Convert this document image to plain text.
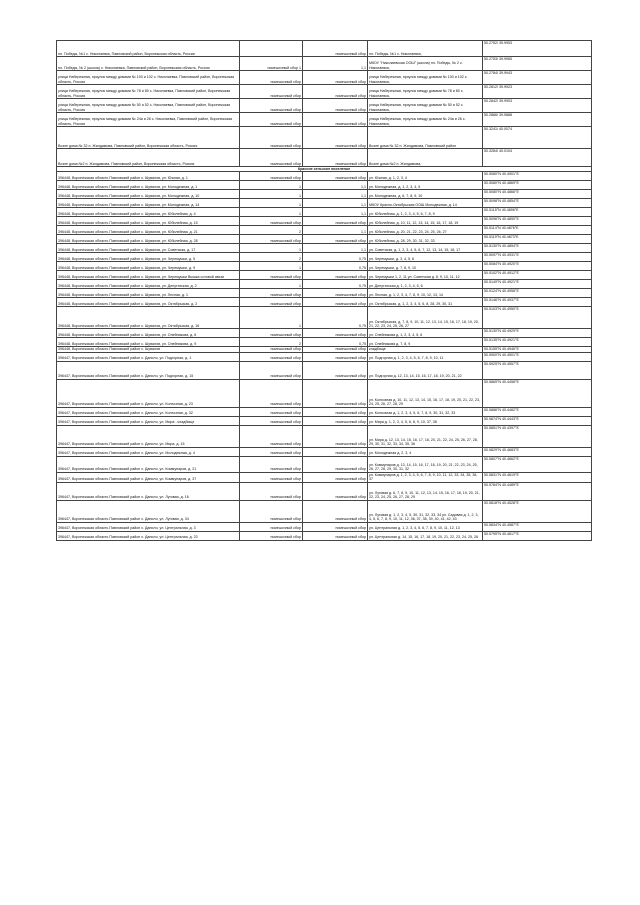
пл. Победы, №1 с. Николаевка, Павловский район, Воронежская область, Россия		помешочный сбор	пл. Победы, №1 с. Николаевка,	50.2752/ 39.9953
пл. Победы, № 2 (школа) с. Николаевка, Павловский район, Воронежская область, Россия	помешочный сбор 1	1,1	МКОУ "Николаевская ООШ" (школа) пл. Победы, № 2 с. Николаевка,	50.2753/ 39.9965
улица Набережная, проулок между домами № 100 и 102 с. Николаевка, Павловский район, Воронежская область, Россия	помешочный сбор	помешочный сбор	улица Набережная, проулок между домами № 100 и 102 с. Николаевка,	50.2784/ 39.9943
улица Набережная, проулок между домами № 78 и 80 с. Николаевка, Павловский район, Воронежская область, Россия	помешочный сбор	помешочный сбор	улица Набережная, проулок между домами № 78 и 80 с. Николаевка,	50.2812/ 39.9923
улица Набережная, проулок между домами № 50 и 52 с. Николаевка, Павловский район, Воронежская область, Россия	помешочный сбор	помешочный сбор	улица Набережная, проулок между домами № 50 и 52 с. Николаевка,	50.2842/ 39.9903
улица Набережная, проулок между домами № 24а и 26 с. Николаевка, Павловский район, Воронежская область, Россия	помешочный сбор	помешочный сбор	улица Набережная, проулок между домами № 24а и 26 с. Николаевка,	50.2866/ 39.9888
Возле дома № 32 п. Жилдамова, Павловский район, Воронежская область, Россия	помешочный сбор	помешочный сбор	Возле дома № 32 п. Жилдамова, Павловский район	50.3241/ 40.0074
Возле дома №2 п. Жилдамова, Павловский район, Воронежская область, Россия	помешочный сбор	помешочный сбор	Возле дома №2 п. Жилдамова,	50.3284/ 40.0104
Красное сельское поселение				
396448, Воронежская область Павловский район с. Шувалов, ул. Южная, д. 1	помешочный сбор	помешочный сбор	ул. Южная, д. 1, 2, 3, 4	50.5080°N 40.4901°E
396448, Воронежская область Павловский район с. Шувалов, ул. Молодежная, д. 1	1	1,1	ул. Молодежная, д. 1, 2, 3, 4, 5	50.5080°N 40.4869°E
396448, Воронежская область Павловский район с. Шувалов, ул. Молодежная, д. 10	1	1,1	ул. Молодежная, д. 6, 7, 8, 9, 10	50.5080°N 40.4866°E
396448, Воронежская область Павловский район с. Шувалов, ул. Молодежная, д. 14	1	1,1	МКОУ Красно-Октябрьская ООШ Молодежная, д. 14	50.5098°N 40.4854°E
396448, Воронежская область Павловский район с. Шувалов, ул. Юбилейная, д. 4	1	1,1	ул. Юбилейная, д. 1, 2, 3, 4, 5, 6, 7, 8, 9	50.5115°N 40.4896°E
396448, Воронежская область Павловский район с. Шувалов, ул. Юбилейная, д. 15	помешочный сбор	помешочный сбор	ул. Юбилейная, д. 10, 11, 12, 13, 14, 15, 16, 17, 18, 19	50.5096°N 40.4890°E
396448, Воронежская область Павловский район с. Шувалов, ул. Юбилейная, д. 21	2	1,1	ул. Юбилейная, д. 20, 21, 22, 23, 24, 25, 26, 27	50.5114°N 40.4876°E
396448, Воронежская область Павловский район с. Шувалов, ул. Юбилейная, д. 28	помешочный сбор	помешочный сбор	ул. Юбилейная, д. 28, 29, 30, 31, 32, 33	50.5119°N 40.4873°E
396448, Воронежская область Павловский район с. Шувалов, ул. Советская, д. 17	1	1,1	ул. Советская, д. 1, 2, 3, 4, 5, 6, 7, 12, 13, 14, 15, 16, 17	50.5130°N 40.4894°E
396448, Воронежская область Павловский район с. Шувалов, ул. Черемушки, д. 5	2	0,75	ул. Черемушки, д. 3, 4, 5, 6	50.5097°N 40.4931°E
396448, Воронежская область Павловский район с. Шувалов, ул. Черемушки, д. 9	1	0,75	ул. Черемушки, д. 7, 8, 9, 10	50.5084°N 40.4920°E
396448, Воронежская область Павловский район с. Шувалов, ул. Черемушки Вышка сотовой связи	помешочный сбор	помешочный сбор	ул. Черемушки 1, 2, 11 ул. Советская д. 8, 9, 10, 11, 12	50.5102°N 40.4912°E
396448, Воронежская область Павловский район с. Шувалов, ул. Депутатская, д. 2	1	0,75	ул. Депутатская д. 1, 2, 3, 4, 5, 6	50.5149°N 40.4921°E
396448, Воронежская область Павловский район с. Шувалов, ул. Лесная, д. 1	помешочный сбор	помешочный сбор	ул. Лесная, д. 1, 2, 3, 4, 7, 8, 9, 10, 12, 13, 14	50.5124°N 40.4958°E
396448, Воронежская область Павловский район с. Шувалов, ул. Октябрьская, д. 2	помешочный сбор	помешочный сбор	ул. Октябрьская, д. 1, 2, 3, 4, 5, 6, 8, 28, 29, 30, 31	50.5146°N 40.4937°E
396448, Воронежская область Павловский район с. Шувалов, ул. Октябрьская, д. 16	1	0,75	ул. Октябрьская, д. 7, 8, 9, 10, 11, 12, 13, 14, 15, 16, 17, 18, 19, 20, 21, 22, 23, 24, 25, 26, 27	50.5103°N 40.4950°E
396448, Воронежская область Павловский район с. Шувалов, ул. Олейникова, д. 6	помешочный сбор	помешочный сбор	ул. Олейникова д. 1, 2, 3, 4, 5, 6	50.5130°N 40.4929°E
396448, Воронежская область Павловский район с. Шувалов, ул. Олейникова, д. 9	2	0,75	ул. Олейникова д. 7, 8, 9	50.5135°N 40.4921°E
396448, Воронежская область Павловский район с. Шувалов	помешочный сбор	помешочный сбор	кладбище	50.5155°N 40.4946°E
396447, Воронежская область Павловский район х. Данило, ул. Подгорная, д. 1	помешочный сбор	помешочный сбор	ул. Подгорная д. 1, 2, 3, 4, 5, 6, 7, 8, 9, 10, 11	50.5900°N 40.4501°E
396447, Воронежская область Павловский район х. Данило, ул. Подгорная, д. 15	помешочный сбор	помешочный сбор	ул. Подгорная д. 12, 13, 14, 15, 16, 17, 18, 19, 20, 21, 22	50.5925°N 40.4557°E
396447, Воронежская область Павловский район х. Данило, ул. Колхозная, д. 23	помешочный сбор	помешочный сбор	ул. Колхозная д. 10, 11, 12, 13, 14, 15, 16, 17, 18, 19, 20, 21, 22, 23, 24, 25, 26, 27, 28, 29	50.5865°N 40.4458°E
396447, Воронежская область Павловский район х. Данило, ул. Колхозная, д. 32	помешочный сбор	помешочный сбор	ул. Колхозная д. 1, 2, 3, 4, 5, 6, 7, 8, 9, 30, 31, 32, 33	50.5886°N 40.4482°E
396447, Воронежская область Павловский район х. Данило, ул. Мира - кладбище	помешочный сбор	помешочный сбор	ул. Мира д. 1, 2, 3, 4, 5, 6, 8, 9, 10, 37, 38	50.5874°N 40.4443°E
396447, Воронежская область Павловский район х. Данило, ул. Мира, д. 15	помешочный сбор	помешочный сбор	ул. Мира д. 12, 13, 14, 15, 16, 17, 18, 20, 21, 22, 24, 25, 26, 27, 28, 29, 30, 31, 32, 33, 34, 35, 36	50.5851°N 40.4397°E
396447, Воронежская область Павловский район х. Данило, ул. Молодежная, д. 4	помешочный сбор	помешочный сбор	ул. Молодежная д. 2, 3, 4	50.5829°N 40.4683°E
396447, Воронежская область Павловский район х. Данило, ул. Коммунаров, д. 21	помешочный сбор	помешочный сбор	ул. Коммунаров д. 13, 14, 15, 16, 17, 18, 19, 20, 21, 22, 23, 24, 25, 26, 27, 28, 29, 30, 31, 32	50.5807°N 40.4662°E
396447, Воронежская область Павловский район х. Данило, ул. Коммунаров, д. 37	помешочный сбор	помешочный сбор	ул. Коммунаров д. 1, 2, 3, 4, 5, 6, 7, 8, 9, 10, 11, 12, 33, 34, 35, 36, 37	50.5831°N 40.4619°E
396447, Воронежская область Павловский район х. Данило, ул. Луговая, д. 16	помешочный сбор	помешочный сбор	ул. Луговая д. 6, 7, 8, 9, 10, 11, 12, 13, 14, 15, 16, 17, 18, 19, 20, 21, 22, 23, 24, 25, 26, 27, 28, 29	50.5784°N 40.4489°E
396447, Воронежская область Павловский район х. Данило, ул. Луговая, д. 34	помешочный сбор	помешочный сбор	ул. Луговая д. 1, 2, 3, 4, 5, 30, 31, 32, 33, 34 ул. Садовая д. 1, 2, 3, 4, 5, 6, 7, 8, 9, 10, 11, 12, 36, 37, 38, 39, 40, 41, 42, 43	50.5818°N 40.4528°E
396447, Воронежская область Павловский район х. Данило, ул. Центральная, д. 3	помешочный сбор	помешочный сбор	ул. Центральная д. 1, 2, 3, 4, 5, 6, 7, 8, 9, 10, 11, 12, 13	50.5834°N 40.4587°E
396447, Воронежская область Павловский район х. Данило, ул. Центральная, д. 23	помешочный сбор	помешочный сбор	ул. Центральная д. 14, 15, 16, 17, 18, 19, 20, 21, 22, 23, 24, 25, 26	50.5795°N 40.4617°E
